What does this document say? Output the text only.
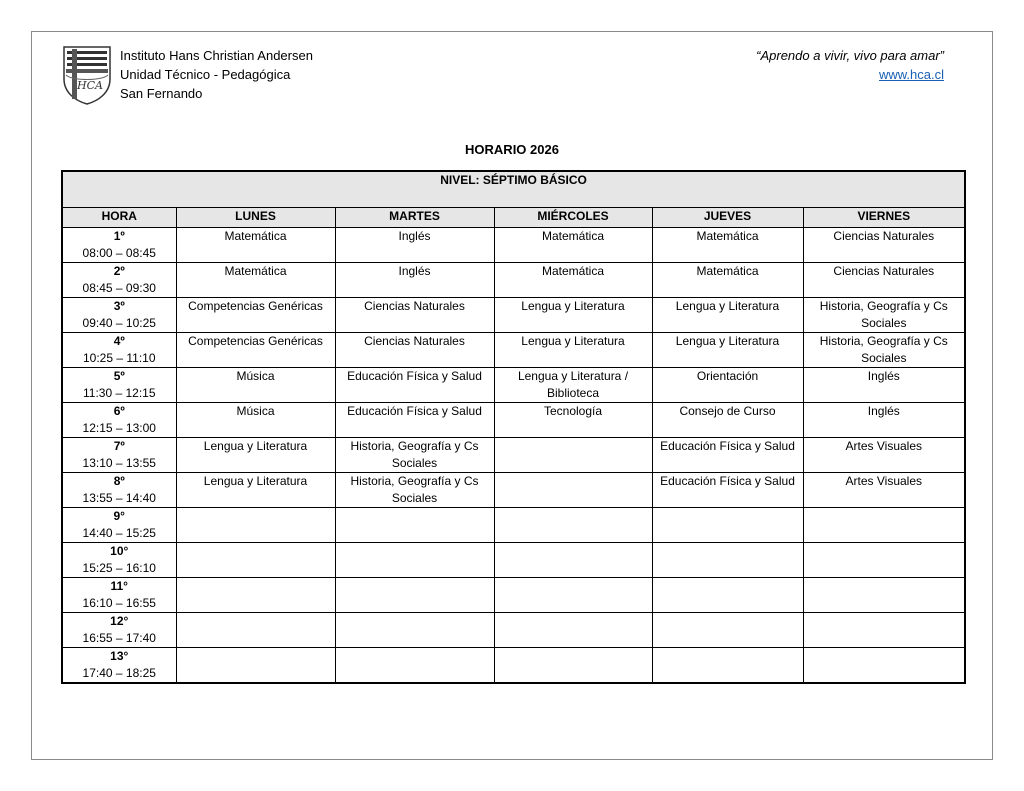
HCA
Instituto Hans Christian Andersen
Unidad Técnico - Pedagógica
San Fernando
“Aprendo a vivir, vivo para amar”
www.hca.cl
HORARIO 2026
NIVEL: SÉPTIMO BÁSICO					
HORA	LUNES	MARTES	MIÉRCOLES	JUEVES	VIERNES

1º
08:00 – 08:45	Matemática	Inglés	Matemática	Matemática	Ciencias Naturales

2º
08:45 – 09:30	Matemática	Inglés	Matemática	Matemática	Ciencias Naturales

3º
09:40 – 10:25	Competencias Genéricas	Ciencias Naturales	Lengua y Literatura	Lengua y Literatura	Historia, Geografía y Cs Sociales

4º
10:25 – 11:10	Competencias Genéricas	Ciencias Naturales	Lengua y Literatura	Lengua y Literatura	Historia, Geografía y Cs Sociales

5º
11:30 – 12:15	Música	Educación Física y Salud	Lengua y Literatura / Biblioteca	Orientación	Inglés

6º
12:15 – 13:00	Música	Educación Física y Salud	Tecnología	Consejo de Curso	Inglés

7º
13:10 – 13:55	Lengua y Literatura	Historia, Geografía y Cs Sociales		Educación Física y Salud	Artes Visuales

8º
13:55 – 14:40	Lengua y Literatura	Historia, Geografía y Cs Sociales		Educación Física y Salud	Artes Visuales

9°
14:40 – 15:25					

10°
15:25 – 16:10					

11°
16:10 – 16:55					

12°
16:55 – 17:40					

13°
17:40 – 18:25					
